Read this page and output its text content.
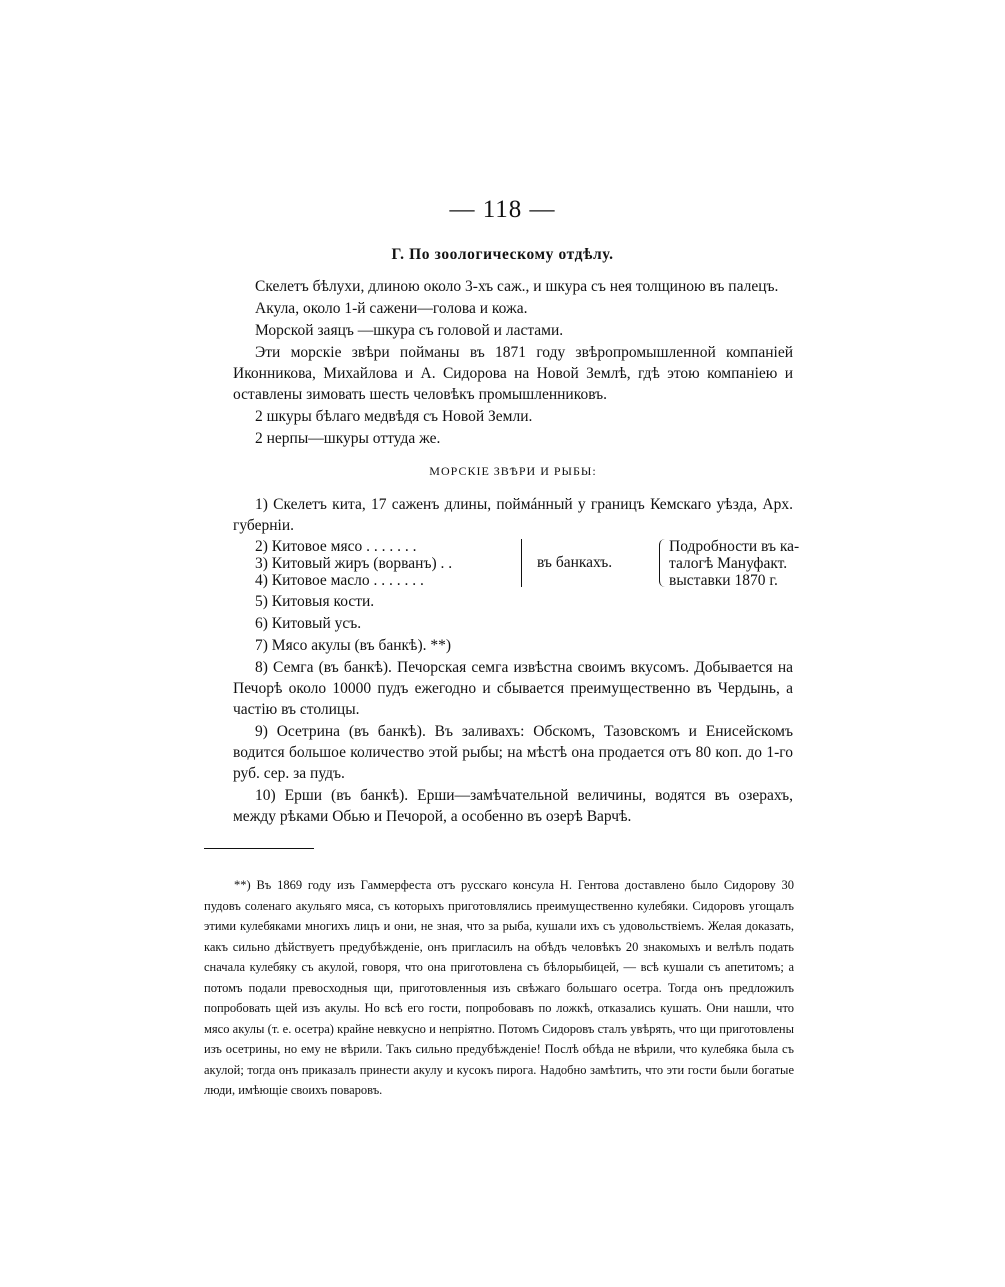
— 118 —
Г. По зоологическому отдѣлу.

Скелетъ бѣлухи, длиною около 3-хъ саж., и шкура съ нея толщиною въ палецъ.

Акула, около 1-й сажени—голова и кожа.

Морской заяцъ —шкура съ головой и ластами.

Эти морскіе звѣри пойманы въ 1871 году звѣропромышленной компаніей Иконникова, Михайлова и А. Сидорова на Новой Землѣ, гдѣ этою компаніею и оставлены зимовать шесть человѣкъ промышленниковъ.

2 шкуры бѣлаго медвѣдя съ Новой Земли.

2 нерпы—шкуры оттуда же.

МОРСКІЕ ЗВѢРИ И РЫБЫ:

1) Скелетъ кита, 17 саженъ длины, поймáнный у границъ Кемскаго уѣзда, Арх. губерніи.

2) Китовое мясо . . . . . . .
3) Китовый жиръ (ворванъ) . .
4) Китовое масло . . . . . . .
въ банкахъ.
Подробности въ ка-
талогѣ Мануфакт.
выставки 1870 г.

5) Китовыя кости.

6) Китовый усъ.

7) Мясо акулы (въ банкѣ). **)

8) Семга (въ банкѣ). Печорская семга извѣстна своимъ вкусомъ. Добывается на Печорѣ около 10000 пудъ ежегодно и сбывается преимущественно въ Чердынь, а частію въ столицы.

9) Осетрина (въ банкѣ). Въ заливахъ: Обскомъ, Тазовскомъ и Енисейскомъ водится большое количество этой рыбы; на мѣстѣ она продается отъ 80 коп. до 1-го руб. сер. за пудъ.

10) Ерши (въ банкѣ). Ерши—замѣчательной величины, водятся въ озерахъ, между рѣками Обью и Печорой, а особенно въ озерѣ Варчѣ.

**) Въ 1869 году изъ Гаммерфеста отъ русскаго консула Н. Гентова доставлено было Сидорову 30 пудовъ соленаго акульяго мяса, съ которыхъ приготовлялись преимущественно кулебяки. Сидоровъ угощалъ этими кулебяками многихъ лицъ и они, не зная, что за рыба, кушали ихъ съ удовольствіемъ. Желая доказать, какъ сильно дѣйствуетъ предубѣжденіе, онъ пригласилъ на обѣдъ человѣкъ 20 знакомыхъ и велѣлъ подать сначала кулебяку съ акулой, говоря, что она приготовлена съ бѣлорыбицей, — всѣ кушали съ апетитомъ; а потомъ подали превосходныя щи, приготовленныя изъ свѣжаго большаго осетра. Тогда онъ предложилъ попробовать щей изъ акулы. Но всѣ его гости, попробовавъ по ложкѣ, отказались кушать. Они нашли, что мясо акулы (т. е. осетра) крайне невкусно и непріятно. Потомъ Сидоровъ сталъ увѣрять, что щи приготовлены изъ осетрины, но ему не вѣрили. Такъ сильно предубѣжденіе! Послѣ обѣда не вѣрили, что кулебяка была съ акулой; тогда онъ приказалъ принести акулу и кусокъ пирога. Надобно замѣтить, что эти гости были богатые люди, имѣющіе своихъ поваровъ.
